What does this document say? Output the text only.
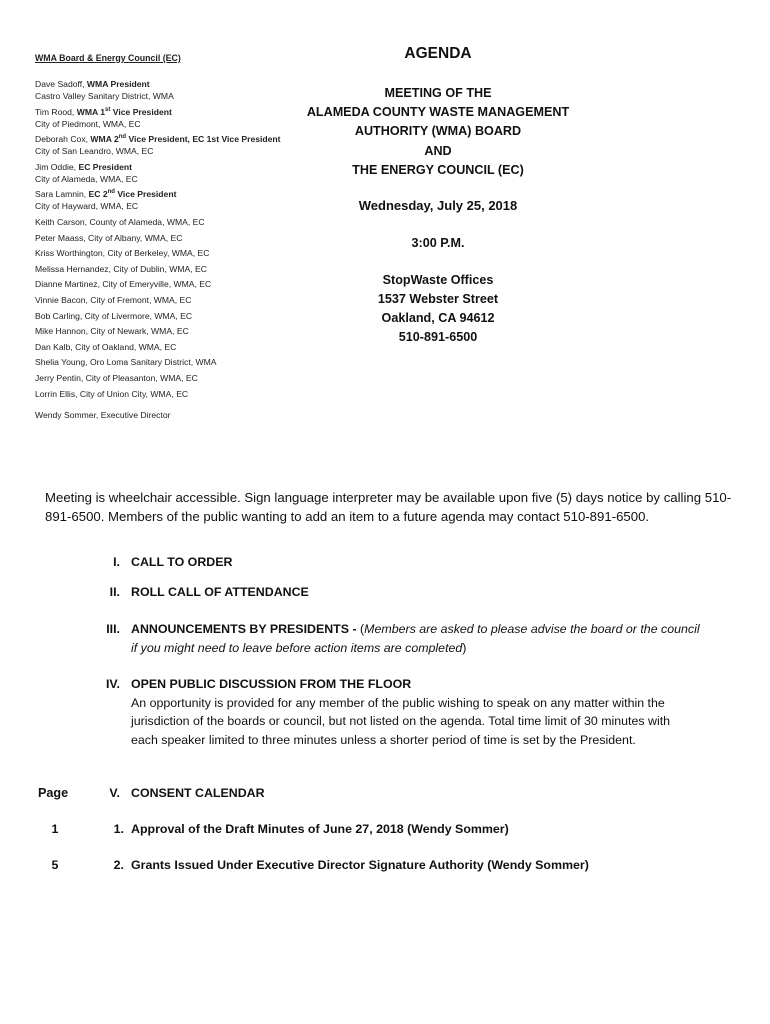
WMA Board & Energy Council (EC)
Dave Sadoff, WMA President
Castro Valley Sanitary District, WMA
Tim Rood, WMA 1st Vice President
City of Piedmont, WMA, EC
Deborah Cox, WMA 2nd Vice President, EC 1st Vice President
City of San Leandro, WMA, EC
Jim Oddie, EC President
City of Alameda, WMA, EC
Sara Lamnin, EC 2nd Vice President
City of Hayward, WMA, EC
Keith Carson, County of Alameda, WMA, EC
Peter Maass, City of Albany, WMA, EC
Kriss Worthington, City of Berkeley, WMA, EC
Melissa Hernandez, City of Dublin, WMA, EC
Dianne Martinez, City of Emeryville, WMA, EC
Vinnie Bacon, City of Fremont, WMA, EC
Bob Carling, City of Livermore, WMA, EC
Mike Hannon, City of Newark, WMA, EC
Dan Kalb, City of Oakland, WMA, EC
Shelia Young, Oro Loma Sanitary District, WMA
Jerry Pentin, City of Pleasanton, WMA, EC
Lorrin Ellis, City of Union City, WMA, EC
Wendy Sommer, Executive Director
AGENDA
MEETING OF THE
ALAMEDA COUNTY WASTE MANAGEMENT
AUTHORITY (WMA) BOARD
AND
THE ENERGY COUNCIL (EC)
Wednesday, July 25, 2018
3:00 P.M.
StopWaste Offices
1537 Webster Street
Oakland, CA 94612
510-891-6500
Meeting is wheelchair accessible. Sign language interpreter may be available upon five (5) days notice by calling 510-891-6500. Members of the public wanting to add an item to a future agenda may contact 510-891-6500.
I. CALL TO ORDER
II. ROLL CALL OF ATTENDANCE
III. ANNOUNCEMENTS BY PRESIDENTS - (Members are asked to please advise the board or the council if you might need to leave before action items are completed)
IV. OPEN PUBLIC DISCUSSION FROM THE FLOOR
An opportunity is provided for any member of the public wishing to speak on any matter within the jurisdiction of the boards or council, but not listed on the agenda. Total time limit of 30 minutes with each speaker limited to three minutes unless a shorter period of time is set by the President.
Page	V. CONSENT CALENDAR
1	1. Approval of the Draft Minutes of June 27, 2018 (Wendy Sommer)
5	2. Grants Issued Under Executive Director Signature Authority (Wendy Sommer)
